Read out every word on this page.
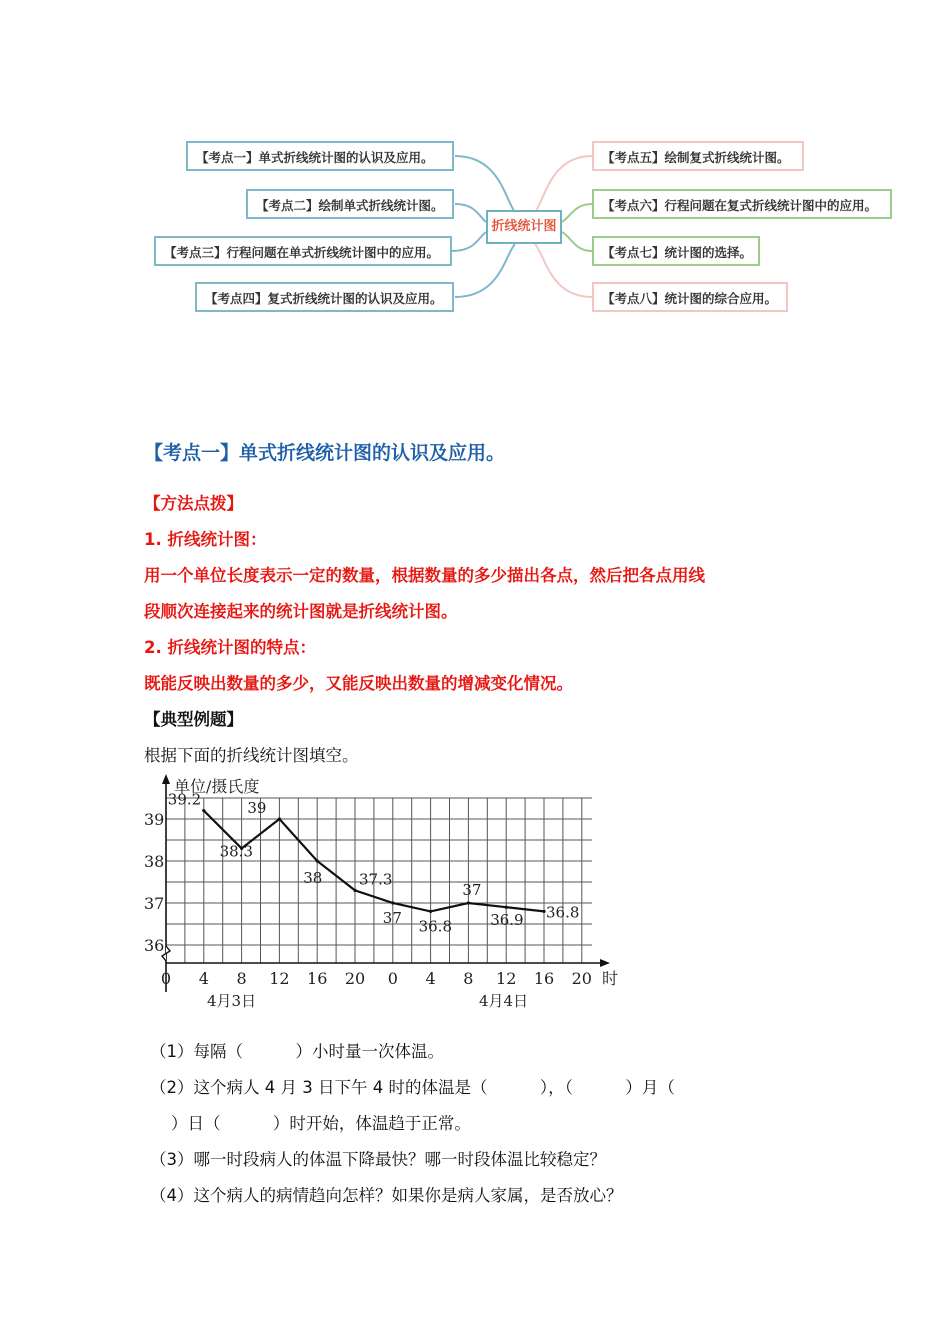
【考点一】单式折线统计图的认识及应用。
【考点二】绘制单式折线统计图。
【考点三】行程问题在单式折线统计图中的应用。
【考点四】复式折线统计图的认识及应用。
折线统计图
【考点五】绘制复式折线统计图。
【考点六】行程问题在复式折线统计图中的应用。
【考点七】统计图的选择。
【考点八】统计图的综合应用。
【考点一】单式折线统计图的认识及应用。
【方法点拨】
1. 折线统计图：
用一个单位长度表示一定的数量，根据数量的多少描出各点，然后把各点用线
段顺次连接起来的统计图就是折线统计图。
2. 折线统计图的特点：
既能反映出数量的多少，又能反映出数量的增减变化情况。
【典型例题】
根据下面的折线统计图填空。
单位/摄氏度
时
36
37
38
39
0 4 8 12 16 20 0 4 8 12 16 20
4月3日	4月4日
39.2
38.3
39
38 37.3
37 36.8
37
36.9 36.8
（1）每隔（          ）小时量一次体温。
（2）这个病人 4 月 3 日下午 4 时的体温是（          ），（          ）月（
）日（          ）时开始，体温趋于正常。
（3）哪一时段病人的体温下降最快？哪一时段体温比较稳定？
（4）这个病人的病情趋向怎样？如果你是病人家属，是否放心？
